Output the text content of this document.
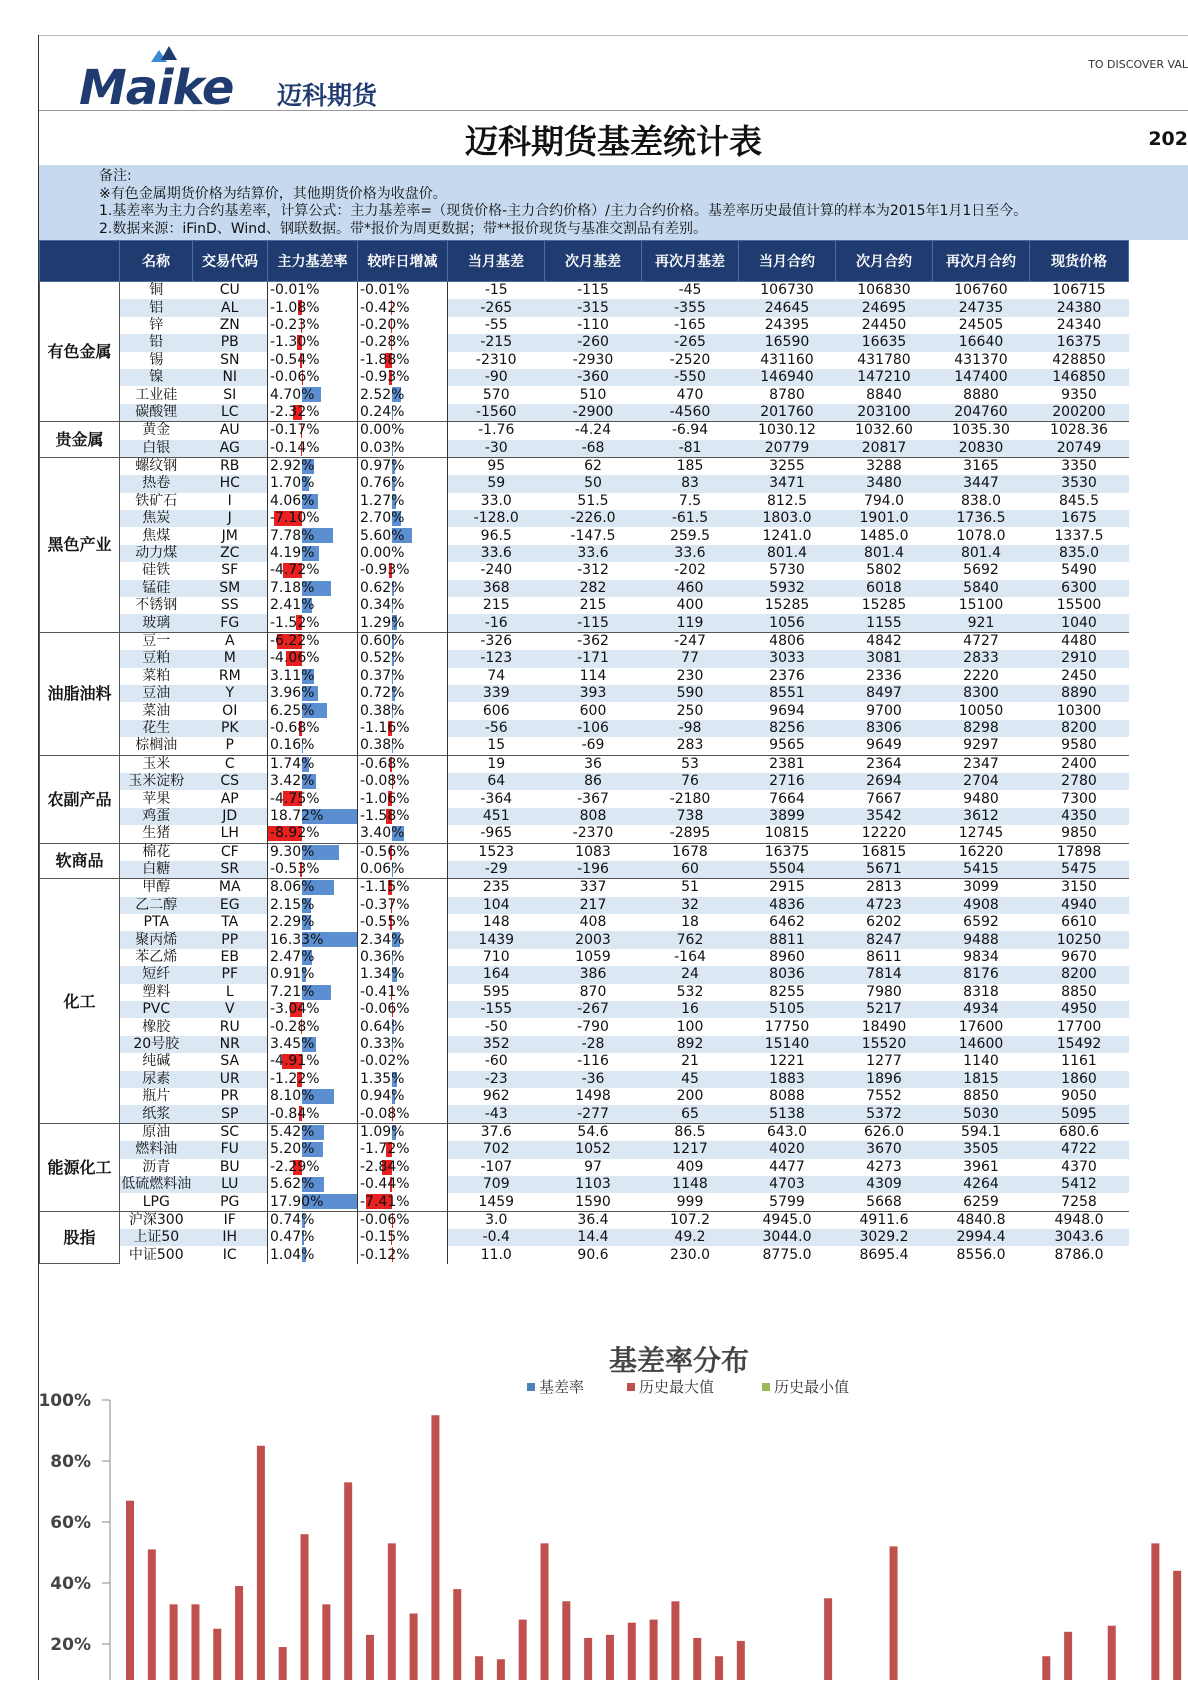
Maike 迈科期货
TO DISCOVER VAL
迈科期货基差统计表	202
备注:
※有色金属期货价格为结算价，其他期货价格为收盘价。
1.基差率为主力合约基差率，计算公式：主力基差率=（现货价格-主力合约价格）/主力合约价格。基差率历史最值计算的样本为2015年1月1日至今。
2.数据来源：iFinD、Wind、钢联数据。带*报价为周更数据；带**报价现货与基准交割品有差别。
	名称	交易代码	主力基差率	较昨日增减	当月基差	次月基差	再次月基差	当月合约	次月合约	再次月合约	现货价格
有色金属	铜	CU	-0.01%	-0.01%	-15	-115	-45	106730	106830	106760	106715
	铝	AL	-1.08%	-0.42%	-265	-315	-355	24645	24695	24735	24380
	锌	ZN	-0.23%	-0.20%	-55	-110	-165	24395	24450	24505	24340
	铅	PB	-1.30%	-0.28%	-215	-260	-265	16590	16635	16640	16375
	锡	SN	-0.54%	-1.88%	-2310	-2930	-2520	431160	431780	431370	428850
	镍	NI	-0.06%	-0.93%	-90	-360	-550	146940	147210	147400	146850
	工业硅	SI	4.70%	2.52%	570	510	470	8780	8840	8880	9350
	碳酸锂	LC	-2.32%	0.24%	-1560	-2900	-4560	201760	203100	204760	200200
贵金属	黄金	AU	-0.17%	0.00%	-1.76	-4.24	-6.94	1030.12	1032.60	1035.30	1028.36
	白银	AG	-0.14%	0.03%	-30	-68	-81	20779	20817	20830	20749
黑色产业	螺纹钢	RB	2.92%	0.97%	95	62	185	3255	3288	3165	3350
	热卷	HC	1.70%	0.76%	59	50	83	3471	3480	3447	3530
	铁矿石	I	4.06%	1.27%	33.0	51.5	7.5	812.5	794.0	838.0	845.5
	焦炭	J	-7.10%	2.70%	-128.0	-226.0	-61.5	1803.0	1901.0	1736.5	1675
	焦煤	JM	7.78%	5.60%	96.5	-147.5	259.5	1241.0	1485.0	1078.0	1337.5
	动力煤	ZC	4.19%	0.00%	33.6	33.6	33.6	801.4	801.4	801.4	835.0
	硅铁	SF	-4.72%	-0.93%	-240	-312	-202	5730	5802	5692	5490
	锰硅	SM	7.18%	0.62%	368	282	460	5932	6018	5840	6300
	不锈钢	SS	2.41%	0.34%	215	215	400	15285	15285	15100	15500
	玻璃	FG	-1.52%	1.29%	-16	-115	119	1056	1155	921	1040
油脂油料	豆一	A	-6.22%	0.60%	-326	-362	-247	4806	4842	4727	4480
	豆粕	M	-4.06%	0.52%	-123	-171	77	3033	3081	2833	2910
	菜粕	RM	3.11%	0.37%	74	114	230	2376	2336	2220	2450
	豆油	Y	3.96%	0.72%	339	393	590	8551	8497	8300	8890
	菜油	OI	6.25%	0.38%	606	600	250	9694	9700	10050	10300
	花生	PK	-0.68%	-1.16%	-56	-106	-98	8256	8306	8298	8200
	棕榈油	P	0.16%	0.38%	15	-69	283	9565	9649	9297	9580
农副产品	玉米	C	1.74%	-0.68%	19	36	53	2381	2364	2347	2400
	玉米淀粉	CS	3.42%	-0.08%	64	86	76	2716	2694	2704	2780
	苹果	AP	-4.75%	-1.06%	-364	-367	-2180	7664	7667	9480	7300
	鸡蛋	JD	18.72%	-1.58%	451	808	738	3899	3542	3612	4350
	生猪	LH	-8.92%	3.40%	-965	-2370	-2895	10815	12220	12745	9850
软商品	棉花	CF	9.30%	-0.56%	1523	1083	1678	16375	16815	16220	17898
	白糖	SR	-0.53%	0.06%	-29	-196	60	5504	5671	5415	5475
化工	甲醇	MA	8.06%	-1.15%	235	337	51	2915	2813	3099	3150
	乙二醇	EG	2.15%	-0.37%	104	217	32	4836	4723	4908	4940
	PTA	TA	2.29%	-0.55%	148	408	18	6462	6202	6592	6610
	聚丙烯	PP	16.33%	2.34%	1439	2003	762	8811	8247	9488	10250
	苯乙烯	EB	2.47%	0.36%	710	1059	-164	8960	8611	9834	9670
	短纤	PF	0.91%	1.34%	164	386	24	8036	7814	8176	8200
	塑料	L	7.21%	-0.41%	595	870	532	8255	7980	8318	8850
	PVC	V	-3.04%	-0.06%	-155	-267	16	5105	5217	4934	4950
	橡胶	RU	-0.28%	0.64%	-50	-790	100	17750	18490	17600	17700
	20号胶	NR	3.45%	0.33%	352	-28	892	15140	15520	14600	15492
	纯碱	SA	-4.91%	-0.02%	-60	-116	21	1221	1277	1140	1161
	尿素	UR	-1.22%	1.35%	-23	-36	45	1883	1896	1815	1860
	瓶片	PR	8.10%	0.94%	962	1498	200	8088	7552	8850	9050
	纸浆	SP	-0.84%	-0.08%	-43	-277	65	5138	5372	5030	5095
能源化工	原油	SC	5.42%	1.09%	37.6	54.6	86.5	643.0	626.0	594.1	680.6
	燃料油	FU	5.20%	-1.72%	702	1052	1217	4020	3670	3505	4722
	沥青	BU	-2.29%	-2.84%	-107	97	409	4477	4273	3961	4370
	低硫燃料油	LU	5.62%	-0.44%	709	1103	1148	4703	4309	4264	5412
	LPG	PG	17.90%	-7.41%	1459	1590	999	5799	5668	6259	7258
股指	沪深300	IF	0.74%	-0.06%	3.0	36.4	107.2	4945.0	4911.6	4840.8	4948.0
	上证50	IH	0.47%	-0.15%	-0.4	14.4	49.2	3044.0	3029.2	2994.4	3043.6
	中证500	IC	1.04%	-0.12%	11.0	90.6	230.0	8775.0	8695.4	8556.0	8786.0
基差率分布
基差率	历史最大值	历史最小值
20%
40%
60%
80%
100%
